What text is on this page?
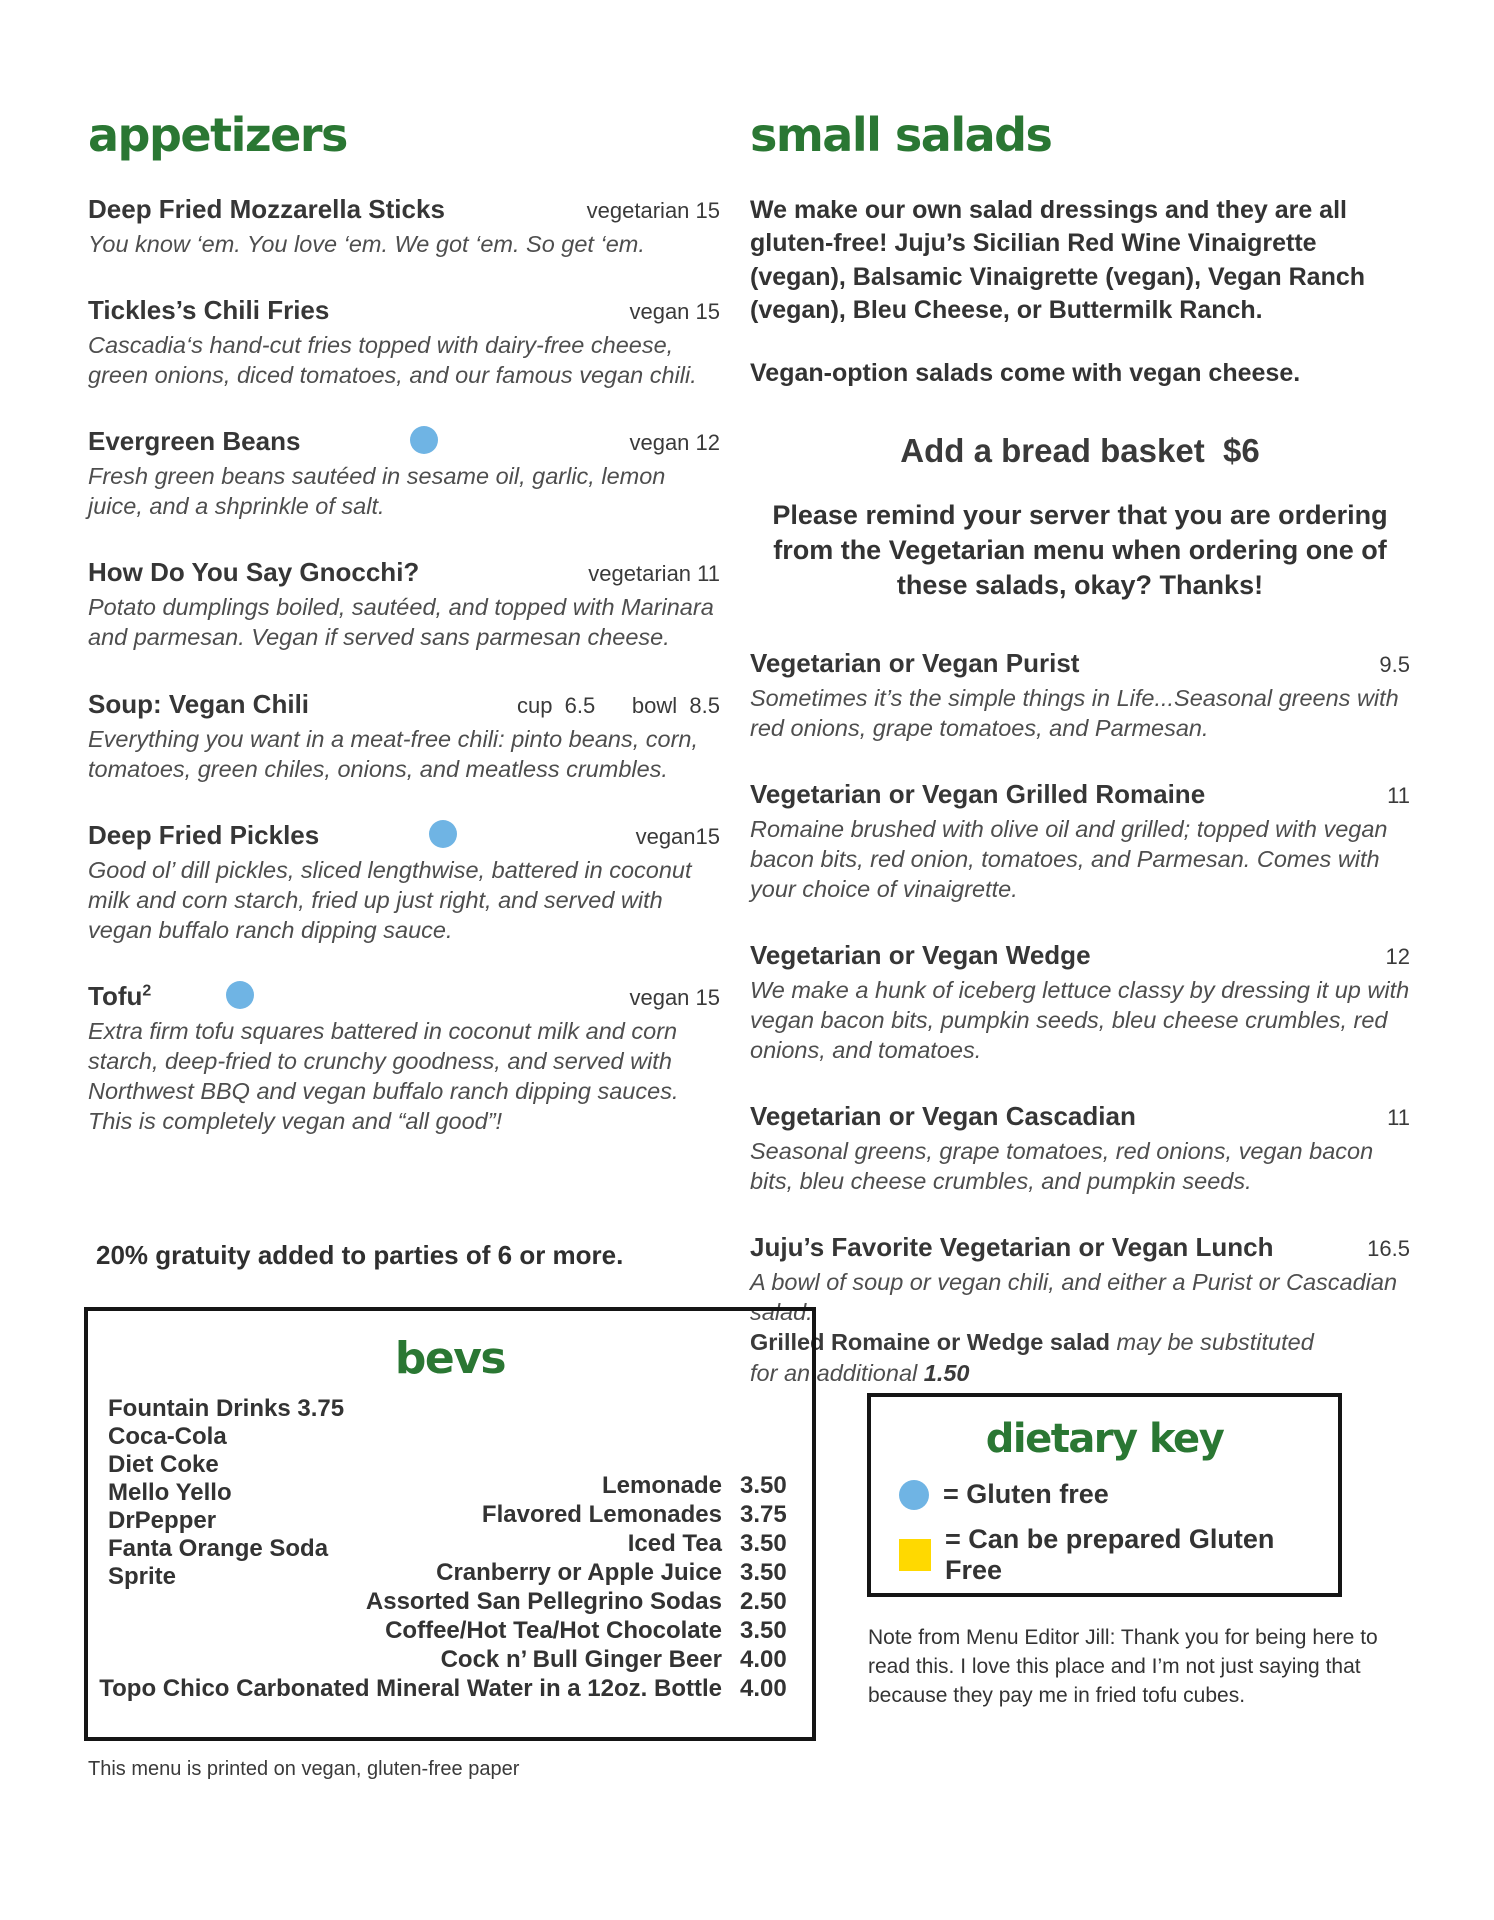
appetizers
Deep Fried Mozzarella Sticks	vegetarian 15

You know ‘em. You love ‘em. We got ‘em. So get ‘em.

Tickles’s Chili Fries	vegan 15

Cascadia‘s hand-cut fries topped with dairy-free cheese, green onions, diced tomatoes, and our famous vegan chili.

Evergreen Beans	vegan 12

Fresh green beans sautéed in sesame oil, garlic, lemon juice, and a shprinkle of salt.

How Do You Say Gnocchi?	vegetarian 11

Potato dumplings boiled, sautéed, and topped with Marinara and parmesan. Vegan if served sans parmesan cheese.

Soup: Vegan Chili	cup  6.5      bowl  8.5

Everything you want in a meat-free chili: pinto beans, corn, tomatoes, green chiles, onions, and meatless crumbles.

Deep Fried Pickles	vegan15

Good ol’ dill pickles, sliced lengthwise, battered in coconut milk and corn starch, fried up just right, and served with vegan buffalo ranch dipping sauce.

Tofu$^2$	vegan 15

Extra firm tofu squares battered in coconut milk and corn starch, deep-fried to crunchy goodness, and served with Northwest BBQ and vegan buffalo ranch dipping sauces. This is completely vegan and “all good”!

20% gratuity added to parties of 6 or more.

small salads

We make our own salad dressings and they are all gluten-free! Juju’s Sicilian Red Wine Vinaigrette (vegan), Balsamic Vinaigrette (vegan), Vegan Ranch (vegan), Bleu Cheese, or Buttermilk Ranch.

Vegan-option salads come with vegan cheese.

Add a bread basket  $6

Please remind your server that you are ordering from the Vegetarian menu when ordering one of these salads, okay? Thanks!

Vegetarian or Vegan Purist	9.5

Sometimes it’s the simple things in Life...Seasonal greens with red onions, grape tomatoes, and Parmesan.

Vegetarian or Vegan Grilled Romaine	11

Romaine brushed with olive oil and grilled; topped with vegan bacon bits, red onion, tomatoes, and Parmesan. Comes with your choice of vinaigrette.

Vegetarian or Vegan Wedge	12

We make a hunk of iceberg lettuce classy by dressing it up with vegan bacon bits, pumpkin seeds, bleu cheese crumbles, red onions, and tomatoes.

Vegetarian or Vegan Cascadian	11

Seasonal greens, grape tomatoes, red onions, vegan bacon bits, bleu cheese crumbles, and pumpkin seeds.

Juju’s Favorite Vegetarian or Vegan Lunch	16.5

A bowl of soup or vegan chili, and either a Purist or Cascadian salad.

Grilled Romaine or Wedge salad may be substituted
for an additional 1.50

bevs
Fountain Drinks 3.75
Coca-Cola
Diet Coke
Mello Yello
DrPepper
Fanta Orange Soda
Sprite
Lemonade	3.50
Flavored Lemonades	3.75
Iced Tea	3.50
Cranberry or Apple Juice	3.50
Assorted San Pellegrino Sodas	2.50
Coffee/Hot Tea/Hot Chocolate	3.50
Cock n’ Bull Ginger Beer	4.00
Topo Chico Carbonated Mineral Water in a 12oz. Bottle	4.00
dietary key
= Gluten free
= Can be prepared Gluten Free

Note from Menu Editor Jill: Thank you for being here to read this. I love this place and I’m not just saying that because they pay me in fried tofu cubes.

This menu is printed on vegan, gluten-free paper
